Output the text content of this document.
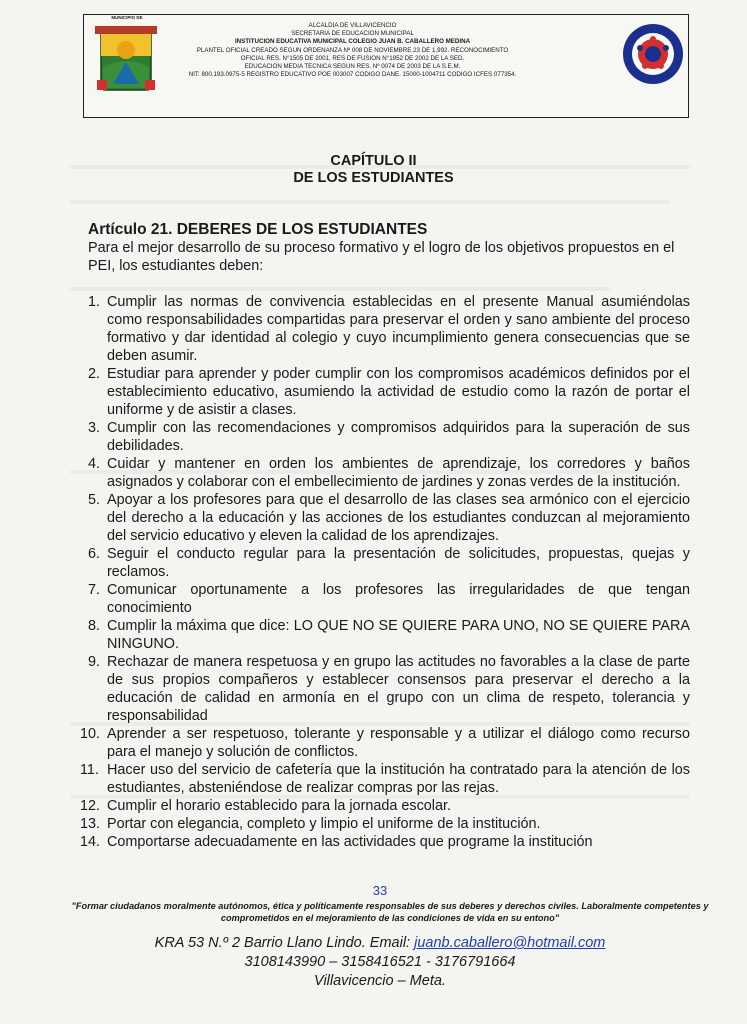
MUNICIPIO DE
ALCALDÍA DE VILLAVICENCIO
SECRETARÍA DE EDUCACIÓN MUNICIPAL
INSTITUCIÓN EDUCATIVA MUNICIPAL COLEGIO JUAN B. CABALLERO MEDINA
PLANTEL OFICIAL CREADO SEGÚN ORDENANZA Nº 008 DE NOVIEMBRE 23 DE 1.992. RECONOCIMIENTO
OFICIAL RES. N°1505 DE 2001, RES DE FUSION N°1952 DE 2002 DE LA SED.
EDUCACIÓN MEDIA TECNICA SEGÚN RES. Nº 0074 DE 2003 DE LA S.E.M.
NIT: 800.193.0975-5 REGISTRO EDUCATIVO POE 003007 CODIGO DANE. 15000-1004711 CODIGO ICFES 077354.
CAPÍTULO II
DE LOS ESTUDIANTES
Artículo 21. DEBERES DE LOS ESTUDIANTES
Para el mejor desarrollo de su proceso formativo y el logro de los objetivos propuestos en el PEI, los estudiantes deben:
1. Cumplir las normas de convivencia establecidas en el presente Manual asumiéndolas como responsabilidades compartidas para preservar el orden y sano ambiente del proceso formativo y dar identidad al colegio y cuyo incumplimiento genera consecuencias que se deben asumir.
2. Estudiar para aprender y poder cumplir con los compromisos académicos definidos por el establecimiento educativo, asumiendo la actividad de estudio como la razón de portar el uniforme y de asistir a clases.
3. Cumplir con las recomendaciones y compromisos adquiridos para la superación de sus debilidades.
4. Cuidar y mantener en orden los ambientes de aprendizaje, los corredores y baños asignados y colaborar con el embellecimiento de jardines y zonas verdes de la institución.
5. Apoyar a los profesores para que el desarrollo de las clases sea armónico con el ejercicio del derecho a la educación y las acciones de los estudiantes conduzcan al mejoramiento del servicio educativo y eleven la calidad de los aprendizajes.
6. Seguir el conducto regular para la presentación de solicitudes, propuestas, quejas y reclamos.
7. Comunicar oportunamente a los profesores las irregularidades de que tengan conocimiento
8. Cumplir la máxima que dice: LO QUE NO SE QUIERE PARA UNO, NO SE QUIERE PARA NINGUNO.
9. Rechazar de manera respetuosa y en grupo las actitudes no favorables a la clase de parte de sus propios compañeros y establecer consensos para preservar el derecho a la educación de calidad en armonía en el grupo con un clima de respeto, tolerancia y responsabilidad
10. Aprender a ser respetuoso, tolerante y responsable y a utilizar el diálogo como recurso para el manejo y solución de conflictos.
11. Hacer uso del servicio de cafetería que la institución ha contratado para la atención de los estudiantes, absteniéndose de realizar compras por las rejas.
12. Cumplir el horario establecido para la jornada escolar.
13. Portar con elegancia, completo y limpio el uniforme de la institución.
14. Comportarse adecuadamente en las actividades que programe la institución
33
"Formar ciudadanos moralmente autónomos, ética y políticamente responsables de sus deberes y derechos civiles. Laboralmente competentes y comprometidos en el mejoramiento de las condiciones de vida en su entono"
KRA 53 N.º 2 Barrio Llano Lindo. Email: juanb.caballero@hotmail.com
3108143990 – 3158416521 - 3176791664
Villavicencio – Meta.
